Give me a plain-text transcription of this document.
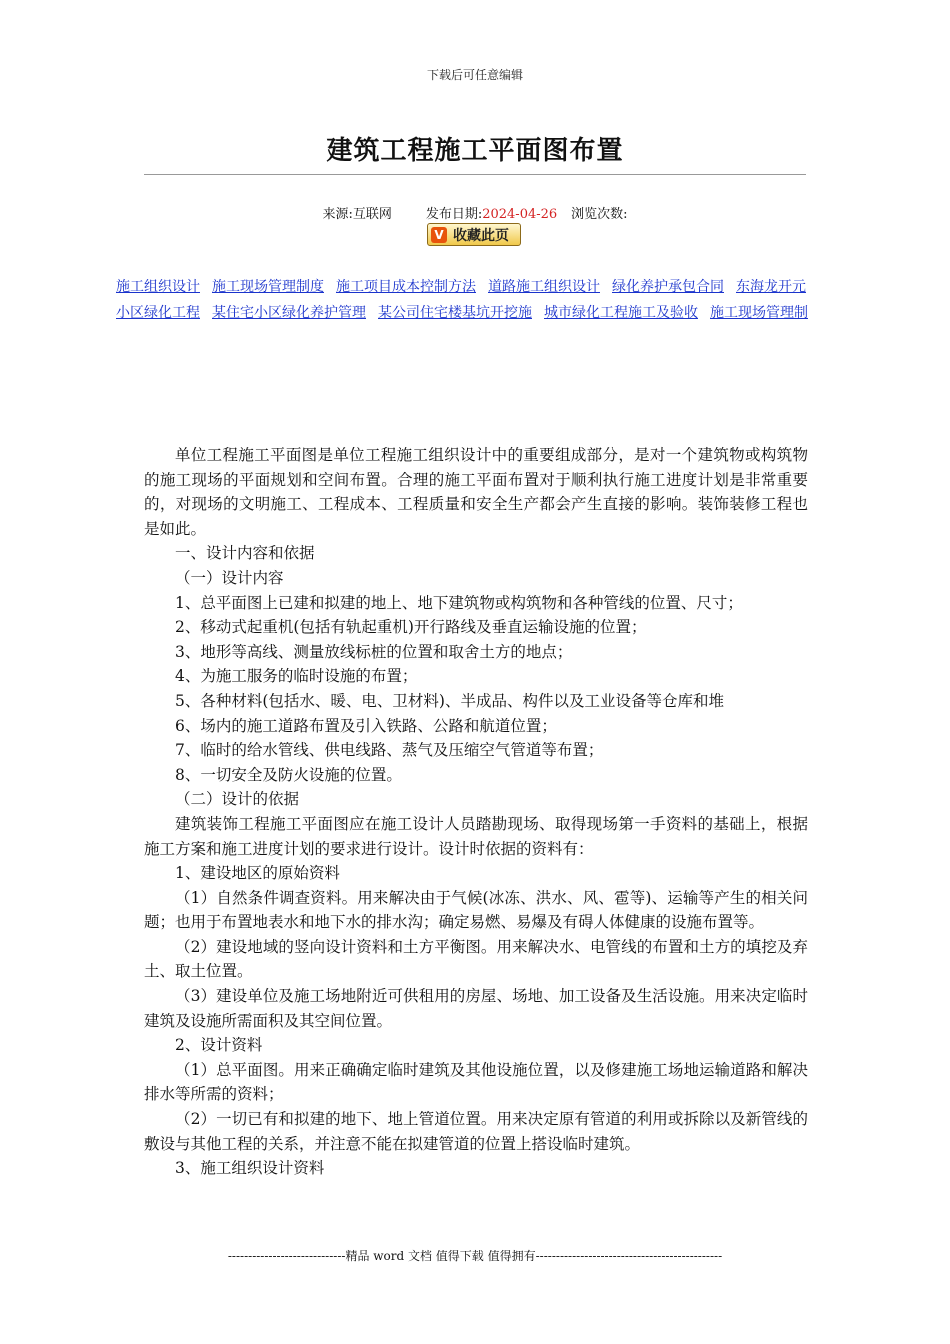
下载后可任意编辑
建筑工程施工平面图布置
来源:互联网	发布日期:2024-04-26 浏览次数:
V 收藏此页
施工组织设计 施工现场管理制度 施工项目成本控制方法 道路施工组织设计 绿化养护承包合同 东海龙开元
小区绿化工程 某住宅小区绿化养护管理 某公司住宅楼基坑开挖施 城市绿化工程施工及验收 施工现场管理制

单位工程施工平面图是单位工程施工组织设计中的重要组成部分，是对一个建筑物或构筑物的施工现场的平面规划和空间布置。合理的施工平面布置对于顺利执行施工进度计划是非常重要的，对现场的文明施工、工程成本、工程质量和安全生产都会产生直接的影响。装饰装修工程也是如此。

一、设计内容和依据

（一）设计内容

1、总平面图上已建和拟建的地上、地下建筑物或构筑物和各种管线的位置、尺寸；

2、移动式起重机(包括有轨起重机)开行路线及垂直运输设施的位置；

3、地形等高线、测量放线标桩的位置和取舍土方的地点；

4、为施工服务的临时设施的布置；

5、各种材料(包括水、暖、电、卫材料)、半成品、构件以及工业设备等仓库和堆

6、场内的施工道路布置及引入铁路、公路和航道位置；

7、临时的给水管线、供电线路、蒸气及压缩空气管道等布置；

8、一切安全及防火设施的位置。

（二）设计的依据

建筑装饰工程施工平面图应在施工设计人员踏勘现场、取得现场第一手资料的基础上，根据施工方案和施工进度计划的要求进行设计。设计时依据的资料有：

1、建设地区的原始资料

（1）自然条件调查资料。用来解决由于气候(冰冻、洪水、风、雹等)、运输等产生的相关问题；也用于布置地表水和地下水的排水沟；确定易燃、易爆及有碍人体健康的设施布置等。

（2）建设地域的竖向设计资料和土方平衡图。用来解决水、电管线的布置和土方的填挖及弃土、取土位置。

（3）建设单位及施工场地附近可供租用的房屋、场地、加工设备及生活设施。用来决定临时建筑及设施所需面积及其空间位置。

2、设计资料

（1）总平面图。用来正确确定临时建筑及其他设施位置，以及修建施工场地运输道路和解决排水等所需的资料；

（2）一切已有和拟建的地下、地上管道位置。用来决定原有管道的利用或拆除以及新管线的敷设与其他工程的关系，并注意不能在拟建管道的位置上搭设临时建筑。

3、施工组织设计资料

-----------------------------精品 word 文档 值得下载 值得拥有----------------------------------------------
